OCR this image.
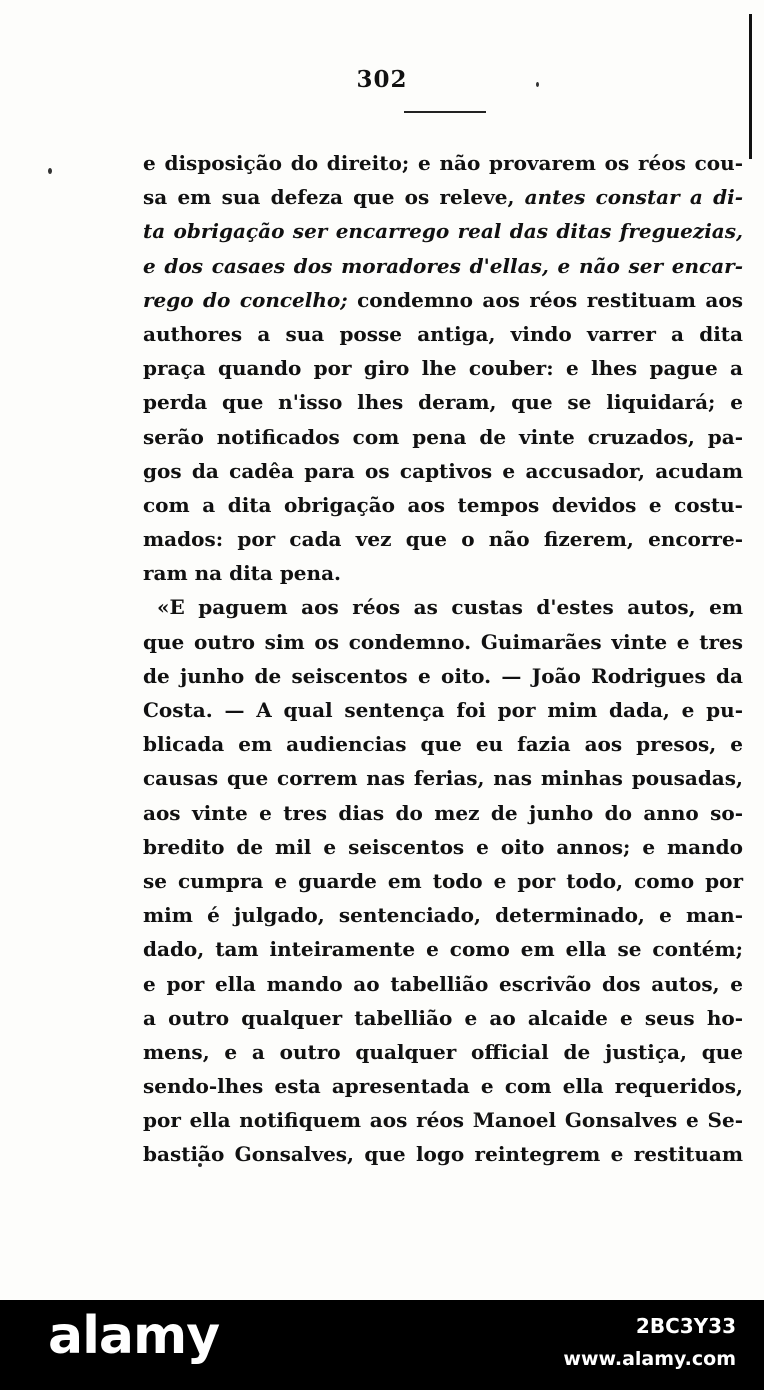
302
e disposição do direito; e não provarem os réos cou-
sa em sua defeza que os releve, antes constar a di-
ta obrigação ser encarrego real das ditas freguezias,
e dos casaes dos moradores d'ellas, e não ser encar-
rego do concelho; condemno aos réos restituam aos
authores a sua posse antiga, vindo varrer a dita
praça quando por giro lhe couber: e lhes pague a
perda que n'isso lhes deram, que se liquidará; e
serão notificados com pena de vinte cruzados, pa-
gos da cadêa para os captivos e accusador, acudam
com a dita obrigação aos tempos devidos e costu-
mados: por cada vez que o não fizerem, encorre-
ram na dita pena.
«E paguem aos réos as custas d'estes autos, em
que outro sim os condemno. Guimarães vinte e tres
de junho de seiscentos e oito. — João Rodrigues da
Costa. — A qual sentença foi por mim dada, e pu-
blicada em audiencias que eu fazia aos presos, e
causas que correm nas ferias, nas minhas pousadas,
aos vinte e tres dias do mez de junho do anno so-
bredito de mil e seiscentos e oito annos; e mando
se cumpra e guarde em todo e por todo, como por
mim é julgado, sentenciado, determinado, e man-
dado, tam inteiramente e como em ella se contém;
e por ella mando ao tabellião escrivão dos autos, e
a outro qualquer tabellião e ao alcaide e seus ho-
mens, e a outro qualquer official de justiça, que
sendo-lhes esta apresentada e com ella requeridos,
por ella notifiquem aos réos Manoel Gonsalves e Se-
bastião Gonsalves, que logo reintegrem e restituam
alamy	2BC3Y33
www.alamy.com
